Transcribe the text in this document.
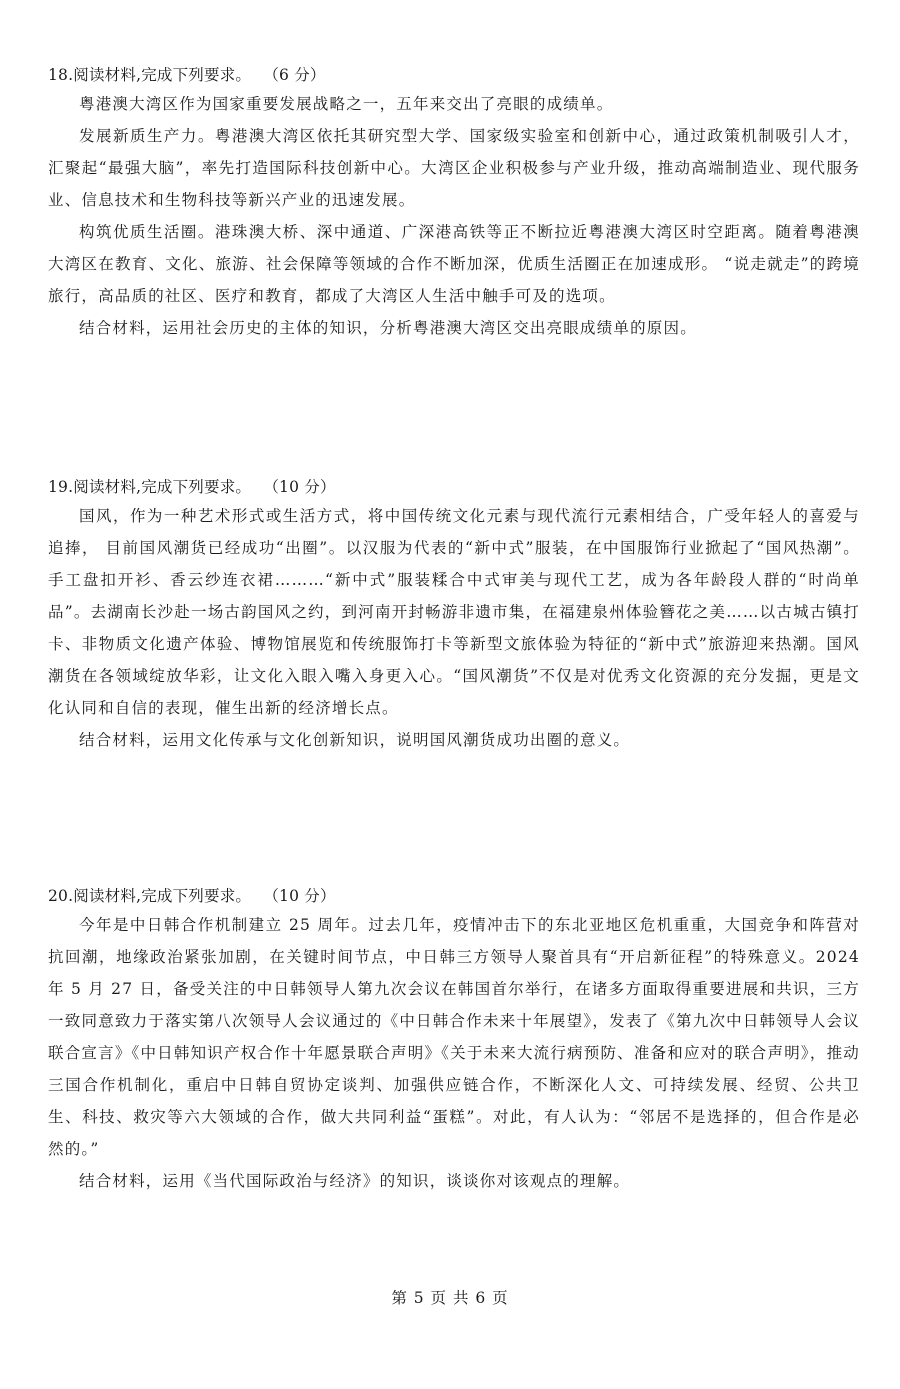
18.阅读材料,完成下列要求。 （6 分）

粤港澳大湾区作为国家重要发展战略之一，五年来交出了亮眼的成绩单。

发展新质生产力。粤港澳大湾区依托其研究型大学、国家级实验室和创新中心，通过政策机制吸引人才，汇聚起“最强大脑”，率先打造国际科技创新中心。大湾区企业积极参与产业升级，推动高端制造业、现代服务业、信息技术和生物科技等新兴产业的迅速发展。

构筑优质生活圈。港珠澳大桥、深中通道、广深港高铁等正不断拉近粤港澳大湾区时空距离。随着粤港澳大湾区在教育、文化、旅游、社会保障等领域的合作不断加深，优质生活圈正在加速成形。 “说走就走”的跨境旅行，高品质的社区、医疗和教育，都成了大湾区人生活中触手可及的选项。

结合材料，运用社会历史的主体的知识，分析粤港澳大湾区交出亮眼成绩单的原因。

19.阅读材料,完成下列要求。 （10 分）

国风，作为一种艺术形式或生活方式，将中国传统文化元素与现代流行元素相结合，广受年轻人的喜爱与追捧， 目前国风潮货已经成功“出圈”。以汉服为代表的“新中式”服装，在中国服饰行业掀起了“国风热潮”。手工盘扣开衫、香云纱连衣裙………“新中式”服装糅合中式审美与现代工艺，成为各年龄段人群的“时尚单品”。去湖南长沙赴一场古韵国风之约，到河南开封畅游非遗市集，在福建泉州体验簪花之美……以古城古镇打卡、非物质文化遗产体验、博物馆展览和传统服饰打卡等新型文旅体验为特征的“新中式”旅游迎来热潮。国风潮货在各领域绽放华彩，让文化入眼入嘴入身更入心。“国风潮货”不仅是对优秀文化资源的充分发掘，更是文化认同和自信的表现，催生出新的经济增长点。

结合材料，运用文化传承与文化创新知识，说明国风潮货成功出圈的意义。

20.阅读材料,完成下列要求。 （10 分）

今年是中日韩合作机制建立 25 周年。过去几年，疫情冲击下的东北亚地区危机重重，大国竞争和阵营对抗回潮，地缘政治紧张加剧，在关键时间节点，中日韩三方领导人聚首具有“开启新征程”的特殊意义。2024 年 5 月 27 日，备受关注的中日韩领导人第九次会议在韩国首尔举行，在诸多方面取得重要进展和共识，三方一致同意致力于落实第八次领导人会议通过的《中日韩合作未来十年展望》，发表了《第九次中日韩领导人会议联合宣言》《中日韩知识产权合作十年愿景联合声明》《关于未来大流行病预防、准备和应对的联合声明》，推动三国合作机制化，重启中日韩自贸协定谈判、加强供应链合作，不断深化人文、可持续发展、经贸、公共卫生、科技、救灾等六大领域的合作，做大共同利益“蛋糕”。对此，有人认为：“邻居不是选择的，但合作是必然的。”

结合材料，运用《当代国际政治与经济》的知识，谈谈你对该观点的理解。

第 5 页 共 6 页
